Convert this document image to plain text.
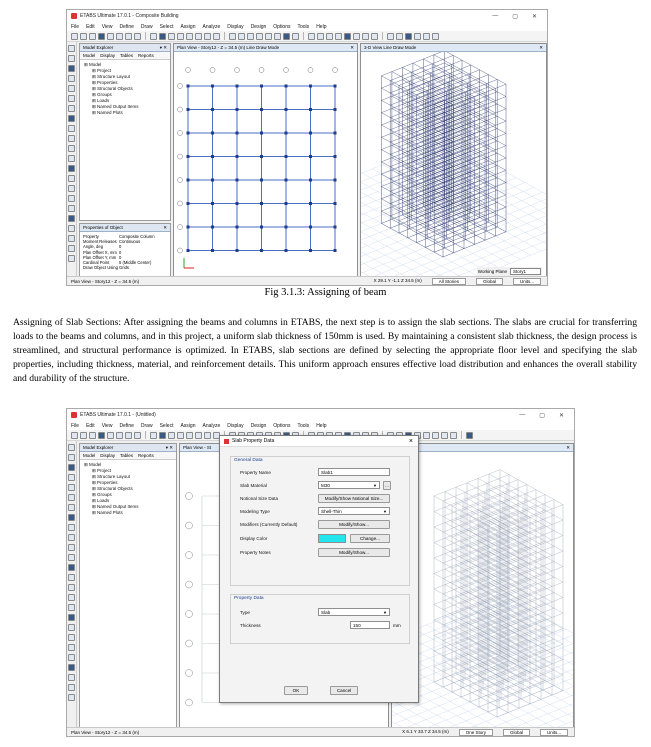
ETABS Ultimate 17.0.1 - Composite Building	— ▢ ✕
File Edit View Define Draw Select Assign Analyze Display Design Options Tools Help
Model Explorer	▾ ✕
Model Display Tables Reports
⊞ Model
⊞ Project
⊞ Structure Layout
⊞ Properties
⊞ Structural Objects
⊞ Groups
⊞ Loads
⊞ Named Output Items
⊞ Named Plots
Properties of Object	✕
Property	Composite Column
Moment Releases Continuous
Angle, deg	0
Plan Offset X, mm 0
Plan Offset Y, mm 0
Cardinal Point	5 (Middle Center)
Draw Object Using Grids
Plan View - Story12 - Z = 34.5 (m) Line Draw Mode	✕	3-D View Line Draw Mode	✕
Working Plane	Story1
Plan View - Story12 - Z = 34.5 (m)	X 29.1 Y -1.1 Z 34.5 (m)	All Stories	Global	Units...
Fig 3.1.3: Assigning of beam
Assigning of Slab Sections: After assigning the beams and columns in ETABS, the next step is to assign the slab sections. The slabs are crucial for transferring loads to the beams and columns, and in this project, a uniform slab thickness of 150mm is used. By maintaining a consistent slab thickness, the design process is streamlined, and structural performance is optimized. In ETABS, slab sections are defined by selecting the appropriate floor level and specifying the slab properties, including thickness, material, and reinforcement details. This uniform approach ensures effective load distribution and enhances the overall stability and durability of the structure.
ETABS Ultimate 17.0.1 - (Untitled)	— ▢ ✕
File Edit View Define Draw Select Assign Analyze Display Design Options Tools Help
Model Explorer	▾ ✕
Model Display Tables Reports
⊞ Model
⊞ Project
⊞ Structure Layout
⊞ Properties
⊞ Structural Objects
⊞ Groups
⊞ Loads
⊞ Named Output Items
⊞ Named Plots
Plan View - St	✕
Plan View - Story12 - Z = 34.5 (m)	X 6.1 Y 33.7 Z 34.5 (m)	One Story	Global	Units...
Slab Property Data	×
General Data
Property Name	Slab1
Slab Material	M30	▼	...
Notional Size Data	Modify/Show Notional Size...
Modeling Type	Shell-Thin	▼
Modifiers (Currently Default)	Modify/Show...
Display Color	Change...
Property Notes	Modify/Show...
Property Data
Type	Slab	▼
Thickness	150	mm
OK	Cancel
